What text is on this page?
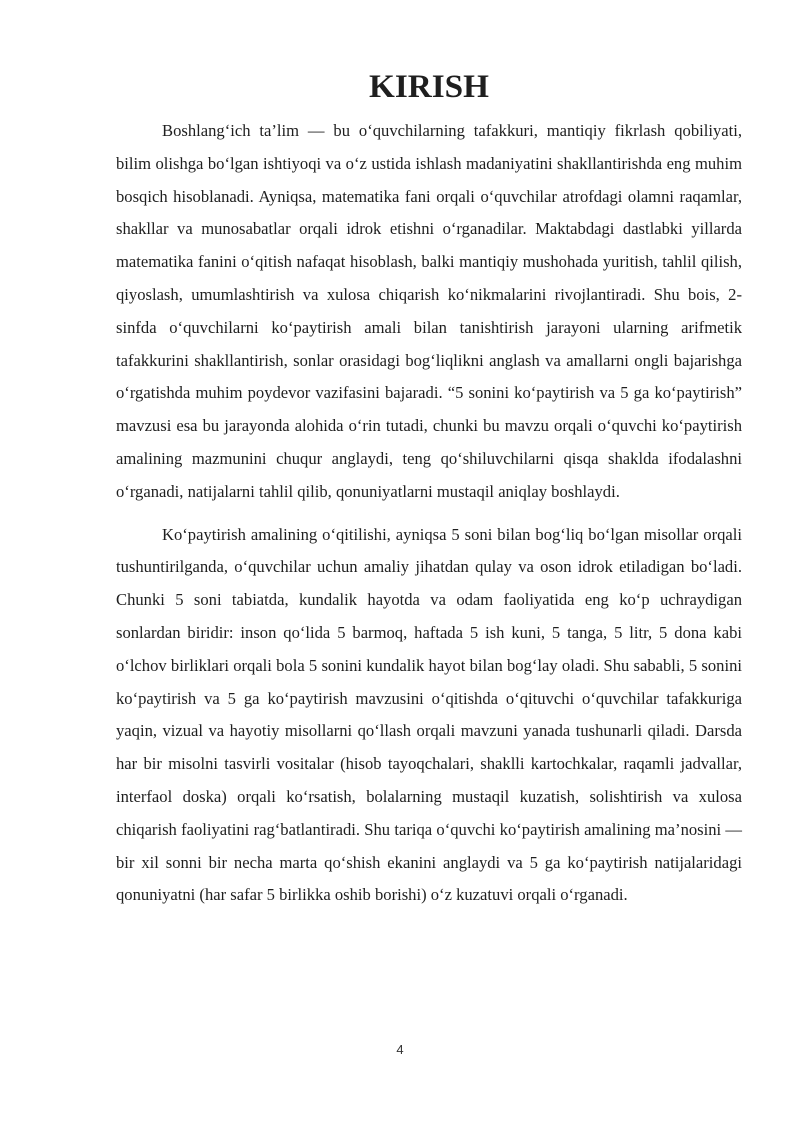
KIRISH

Boshlang‘ich ta’lim — bu o‘quvchilarning tafakkuri, mantiqiy fikrlash qobiliyati, bilim olishga bo‘lgan ishtiyoqi va o‘z ustida ishlash madaniyatini shakllantirishda eng muhim bosqich hisoblanadi. Ayniqsa, matematika fani orqali o‘quvchilar atrofdagi olamni raqamlar, shakllar va munosabatlar orqali idrok etishni o‘rganadilar. Maktabdagi dastlabki yillarda matematika fanini o‘qitish nafaqat hisoblash, balki mantiqiy mushohada yuritish, tahlil qilish, qiyoslash, umumlashtirish va xulosa chiqarish ko‘nikmalarini rivojlantiradi. Shu bois, 2-sinfda o‘quvchilarni ko‘paytirish amali bilan tanishtirish jarayoni ularning arifmetik tafakkurini shakllantirish, sonlar orasidagi bog‘liqlikni anglash va amallarni ongli bajarishga o‘rgatishda muhim poydevor vazifasini bajaradi. “5 sonini ko‘paytirish va 5 ga ko‘paytirish” mavzusi esa bu jarayonda alohida o‘rin tutadi, chunki bu mavzu orqali o‘quvchi ko‘paytirish amalining mazmunini chuqur anglaydi, teng qo‘shiluvchilarni qisqa shaklda ifodalashni o‘rganadi, natijalarni tahlil qilib, qonuniyatlarni mustaqil aniqlay boshlaydi.

Ko‘paytirish amalining o‘qitilishi, ayniqsa 5 soni bilan bog‘liq bo‘lgan misollar orqali tushuntirilganda, o‘quvchilar uchun amaliy jihatdan qulay va oson idrok etiladigan bo‘ladi. Chunki 5 soni tabiatda, kundalik hayotda va odam faoliyatida eng ko‘p uchraydigan sonlardan biridir: inson qo‘lida 5 barmoq, haftada 5 ish kuni, 5 tanga, 5 litr, 5 dona kabi o‘lchov birliklari orqali bola 5 sonini kundalik hayot bilan bog‘lay oladi. Shu sababli, 5 sonini ko‘paytirish va 5 ga ko‘paytirish mavzusini o‘qitishda o‘qituvchi o‘quvchilar tafakkuriga yaqin, vizual va hayotiy misollarni qo‘llash orqali mavzuni yanada tushunarli qiladi. Darsda har bir misolni tasvirli vositalar (hisob tayoqchalari, shaklli kartochkalar, raqamli jadvallar, interfaol doska) orqali ko‘rsatish, bolalarning mustaqil kuzatish, solishtirish va xulosa chiqarish faoliyatini rag‘batlantiradi. Shu tariqa o‘quvchi ko‘paytirish amalining ma’nosini — bir xil sonni bir necha marta qo‘shish ekanini anglaydi va 5 ga ko‘paytirish natijalaridagi qonuniyatni (har safar 5 birlikka oshib borishi) o‘z kuzatuvi orqali o‘rganadi.

4
